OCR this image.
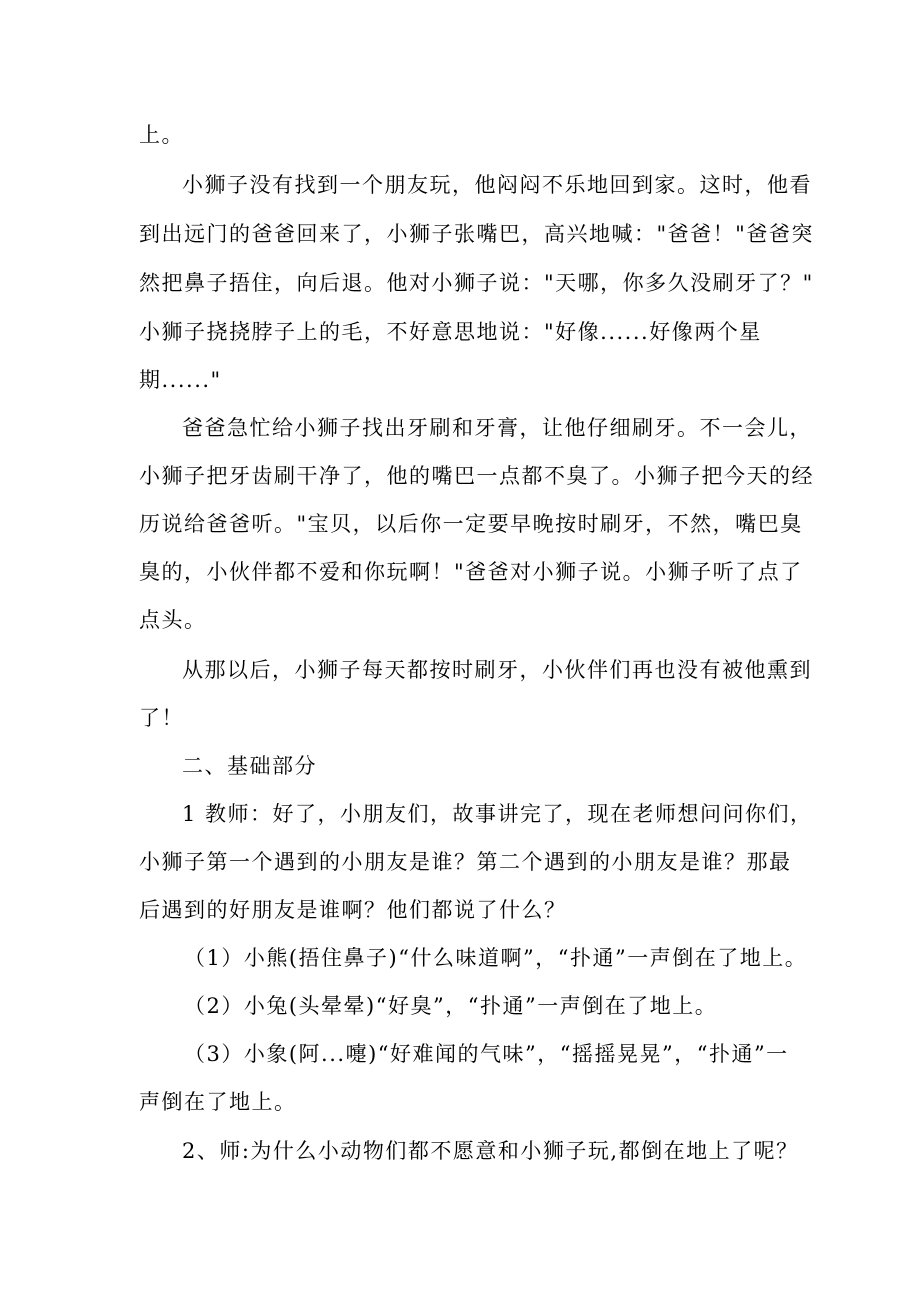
上。
小狮子没有找到一个朋友玩，他闷闷不乐地回到家。这时，他看
到出远门的爸爸回来了，小狮子张嘴巴，高兴地喊："爸爸！"爸爸突
然把鼻子捂住，向后退。他对小狮子说："天哪，你多久没刷牙了？"
小狮子挠挠脖子上的毛，不好意思地说："好像......好像两个星
期......"
爸爸急忙给小狮子找出牙刷和牙膏，让他仔细刷牙。不一会儿，
小狮子把牙齿刷干净了，他的嘴巴一点都不臭了。小狮子把今天的经
历说给爸爸听。"宝贝，以后你一定要早晚按时刷牙，不然，嘴巴臭
臭的，小伙伴都不爱和你玩啊！"爸爸对小狮子说。小狮子听了点了
点头。
从那以后，小狮子每天都按时刷牙，小伙伴们再也没有被他熏到
了！
二、基础部分
1 教师：好了，小朋友们，故事讲完了，现在老师想问问你们，
小狮子第一个遇到的小朋友是谁？第二个遇到的小朋友是谁？那最
后遇到的好朋友是谁啊？他们都说了什么？
（1）小熊(捂住鼻子)“什么味道啊”，“扑通”一声倒在了地上。
（2）小兔(头晕晕)“好臭”，“扑通”一声倒在了地上。
（3）小象(阿...嚏)“好难闻的气味”，“摇摇晃晃”，“扑通”一
声倒在了地上。
2、师:为什么小动物们都不愿意和小狮子玩,都倒在地上了呢？
